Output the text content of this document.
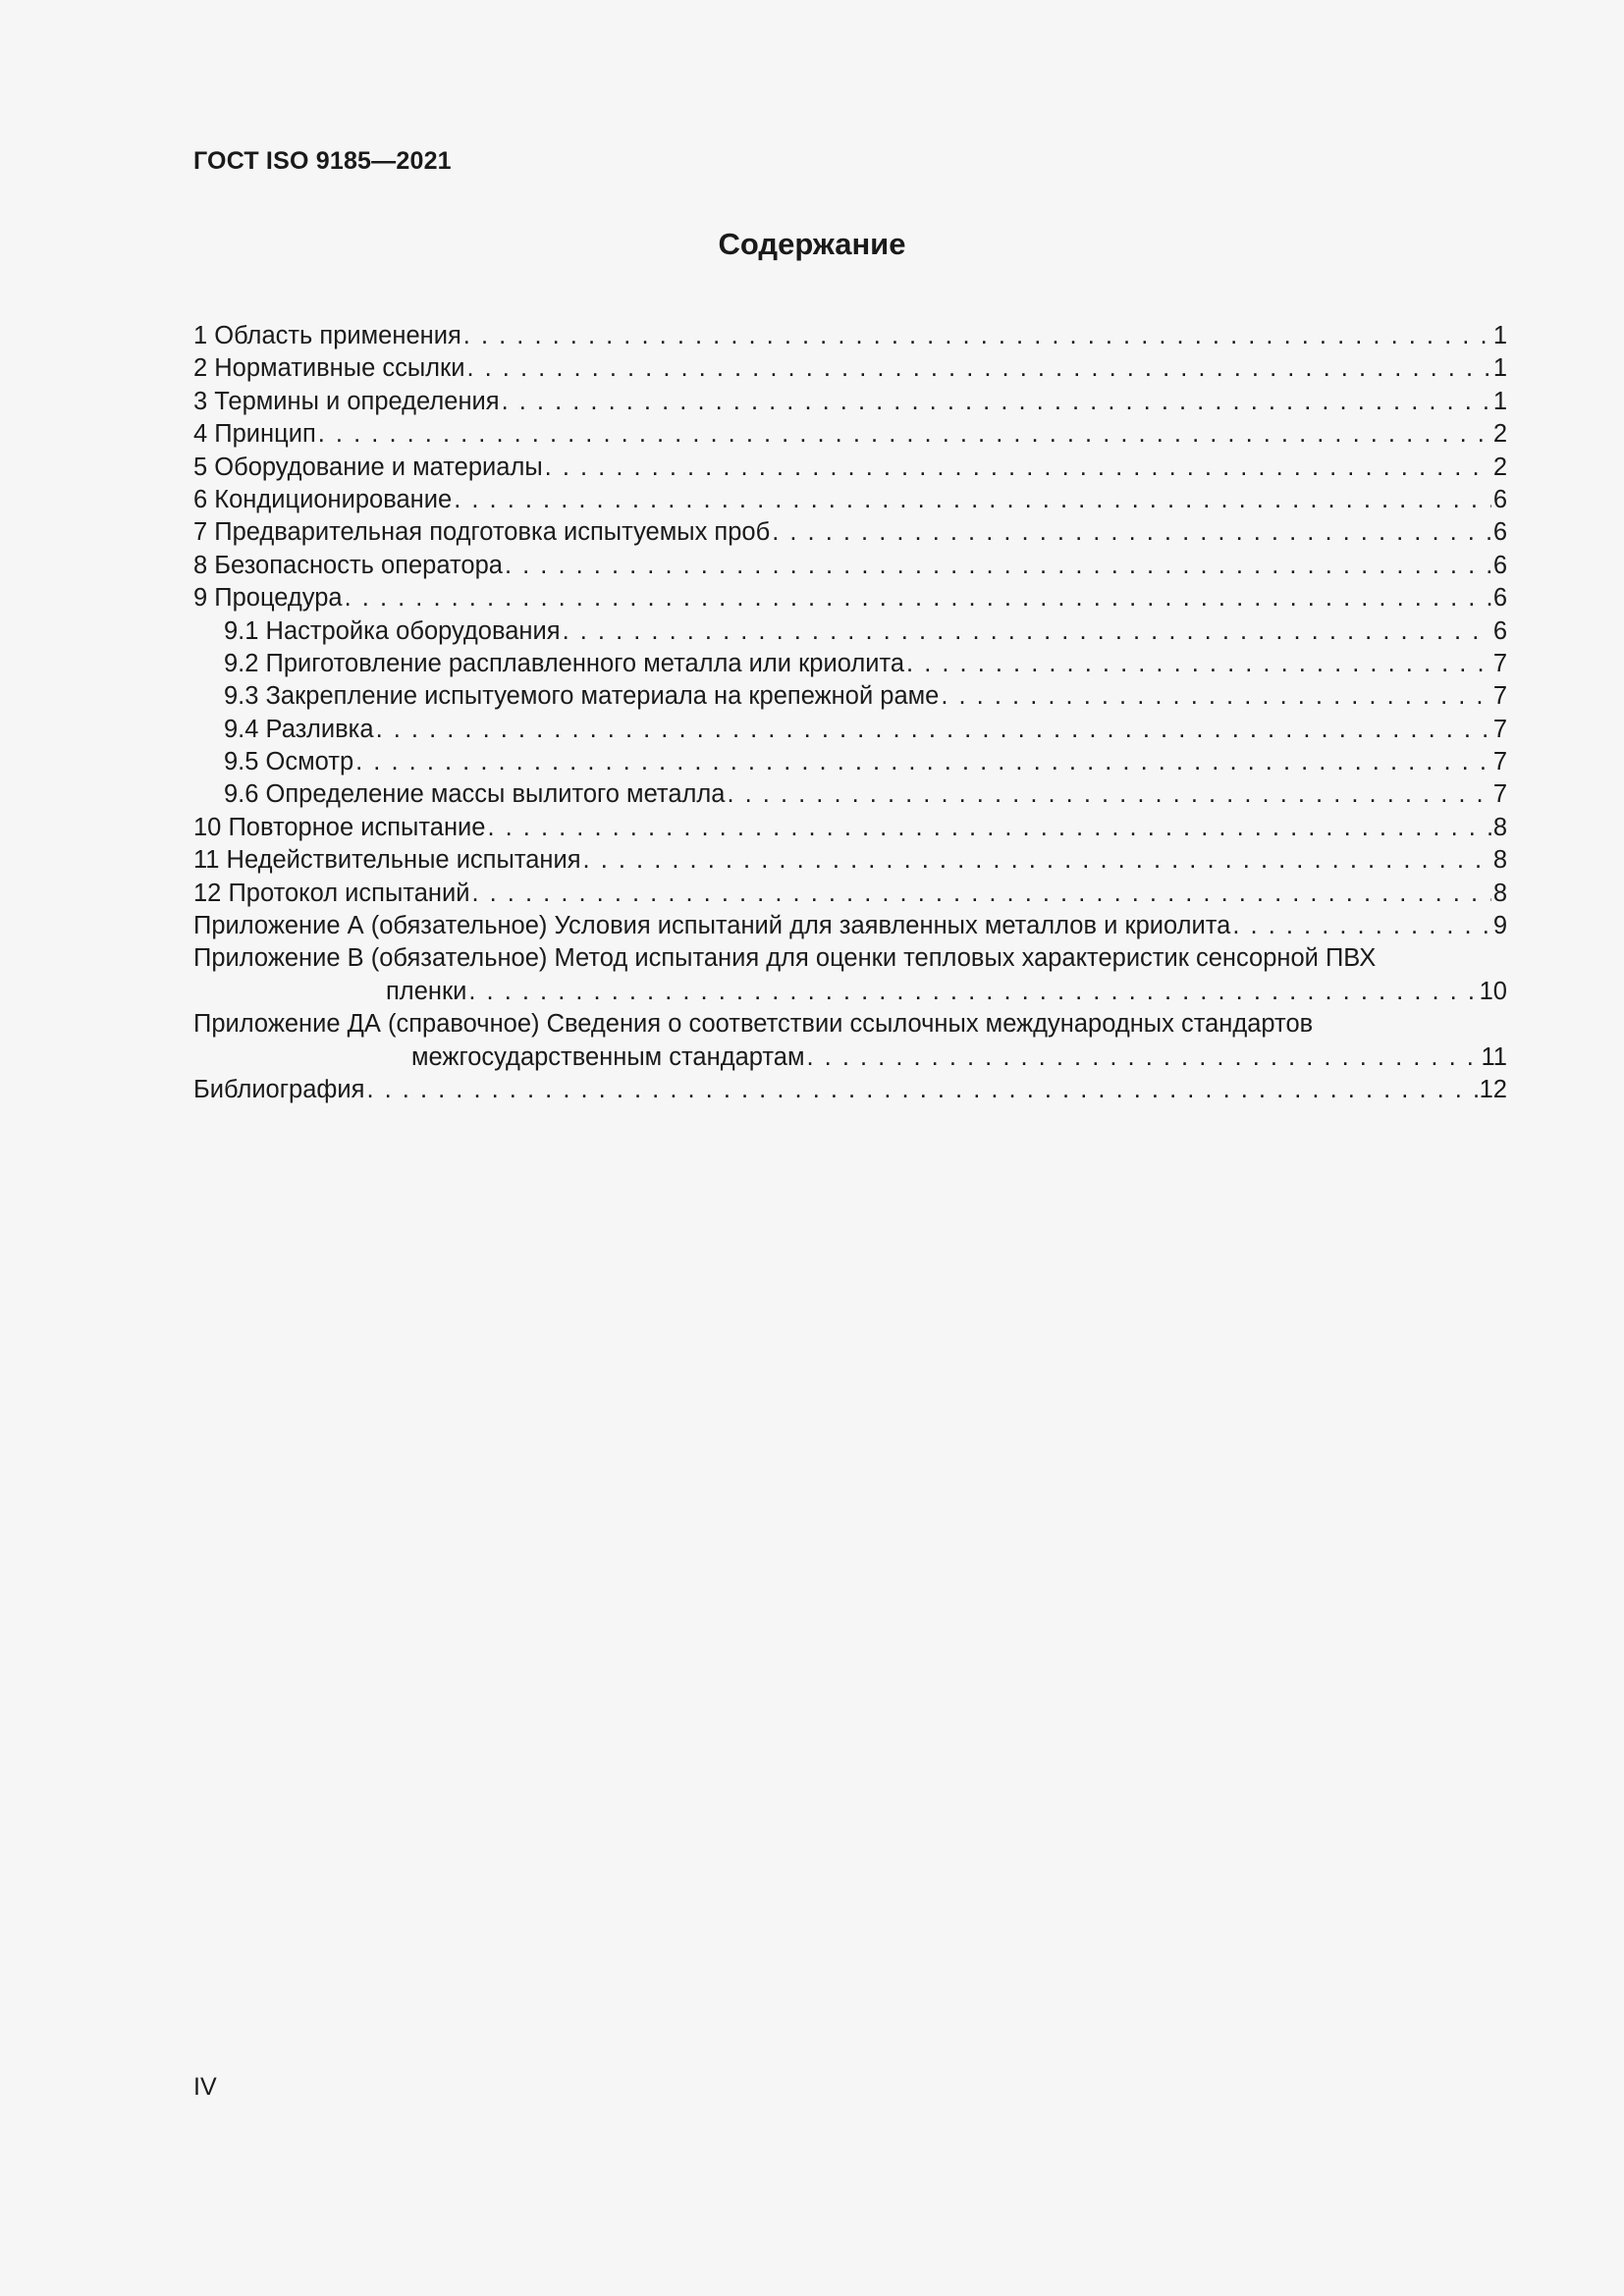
ГОСТ ISO 9185—2021
Содержание
1 Область применения . . .	1
2 Нормативные ссылки . . .	1
3 Термины и определения . . .	1
4 Принцип . . .	2
5 Оборудование и материалы . . .	2
6 Кондиционирование . . .	6
7 Предварительная подготовка испытуемых проб . . .	6
8 Безопасность оператора . . .	6
9 Процедура . . .	6
9.1 Настройка оборудования . . .	6
9.2 Приготовление расплавленного металла или криолита . . .	7
9.3 Закрепление испытуемого материала на крепежной раме . . .	7
9.4 Разливка . . .	7
9.5 Осмотр . . .	7
9.6 Определение массы вылитого металла . . .	7
10 Повторное испытание . . .	8
11 Недействительные испытания . . .	8
12 Протокол испытаний . . .	8
Приложение А (обязательное) Условия испытаний для заявленных металлов и криолита . . .	9
Приложение В (обязательное) Метод испытания для оценки тепловых характеристик сенсорной ПВХ
пленки . . .	10
Приложение ДА (справочное) Сведения о соответствии ссылочных международных стандартов
межгосударственным стандартам . . .	11
Библиография . . .	12
IV
